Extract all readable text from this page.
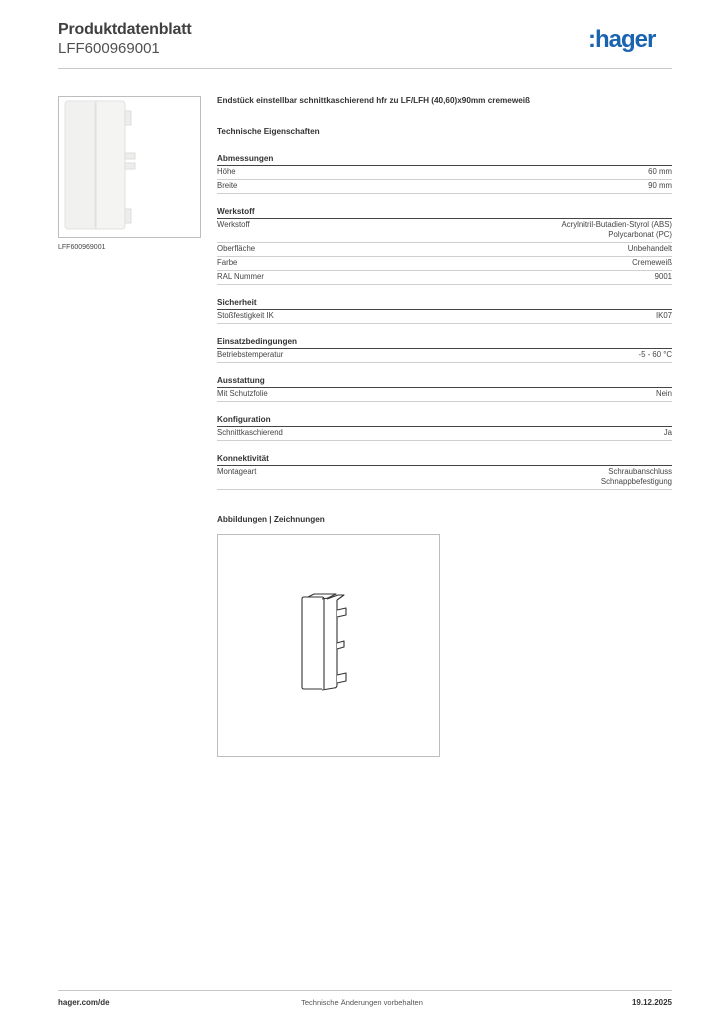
Produktdatenblatt
LFF600969001	:hager
LFF600969001
Endstück einstellbar schnittkaschierend hfr zu LF/LFH (40,60)x90mm cremeweiß
Technische Eigenschaften
Abmessungen
Höhe	60 mm
Breite	90 mm
Werkstoff
Werkstoff	Acrylnitril-Butadien-Styrol (ABS)
Polycarbonat (PC)
Oberfläche	Unbehandelt
Farbe	Cremeweiß
RAL Nummer	9001
Sicherheit
Stoßfestigkeit IK	IK07
Einsatzbedingungen
Betriebstemperatur	-5 - 60 °C
Ausstattung
Mit Schutzfolie	Nein
Konfiguration
Schnittkaschierend	Ja
Konnektivität
Montageart	Schraubanschluss
Schnappbefestigung
Abbildungen | Zeichnungen
hager.com/de	Technische Änderungen vorbehalten	19.12.2025
